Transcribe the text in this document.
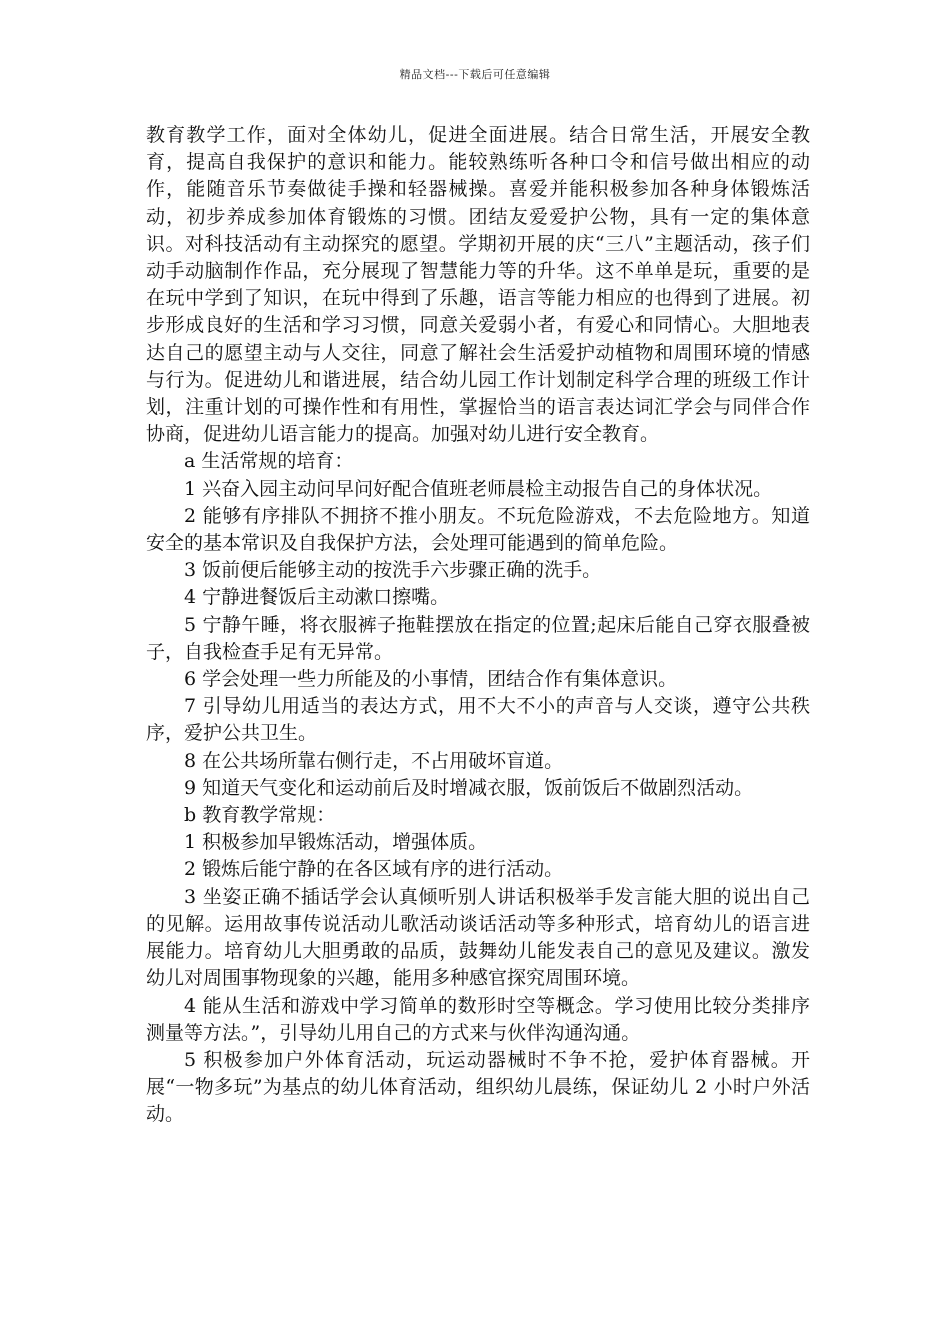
精品文档---下载后可任意编辑

教育教学工作，面对全体幼儿，促进全面进展。结合日常生活，开展安全教育，提高自我保护的意识和能力。能较熟练听各种口令和信号做出相应的动作，能随音乐节奏做徒手操和轻器械操。喜爱并能积极参加各种身体锻炼活动，初步养成参加体育锻炼的习惯。团结友爱爱护公物，具有一定的集体意识。对科技活动有主动探究的愿望。学期初开展的庆“三八”主题活动，孩子们动手动脑制作作品，充分展现了智慧能力等的升华。这不单单是玩，重要的是在玩中学到了知识，在玩中得到了乐趣，语言等能力相应的也得到了进展。初步形成良好的生活和学习习惯，同意关爱弱小者，有爱心和同情心。大胆地表达自己的愿望主动与人交往，同意了解社会生活爱护动植物和周围环境的情感与行为。促进幼儿和谐进展，结合幼儿园工作计划制定科学合理的班级工作计划，注重计划的可操作性和有用性，掌握恰当的语言表达词汇学会与同伴合作协商，促进幼儿语言能力的提高。加强对幼儿进行安全教育。

a 生活常规的培育：

1 兴奋入园主动问早问好配合值班老师晨检主动报告自己的身体状况。

2 能够有序排队不拥挤不推小朋友。不玩危险游戏，不去危险地方。知道安全的基本常识及自我保护方法，会处理可能遇到的简单危险。

3 饭前便后能够主动的按洗手六步骤正确的洗手。

4 宁静进餐饭后主动漱口擦嘴。

5 宁静午睡，将衣服裤子拖鞋摆放在指定的位置;起床后能自己穿衣服叠被子，自我检查手足有无异常。

6 学会处理一些力所能及的小事情，团结合作有集体意识。

7 引导幼儿用适当的表达方式，用不大不小的声音与人交谈，遵守公共秩序，爱护公共卫生。

8 在公共场所靠右侧行走，不占用破坏盲道。

9 知道天气变化和运动前后及时增减衣服，饭前饭后不做剧烈活动。

b 教育教学常规：

1 积极参加早锻炼活动，增强体质。

2 锻炼后能宁静的在各区域有序的进行活动。

3 坐姿正确不插话学会认真倾听别人讲话积极举手发言能大胆的说出自己的见解。运用故事传说活动儿歌活动谈话活动等多种形式，培育幼儿的语言进展能力。培育幼儿大胆勇敢的品质，鼓舞幼儿能发表自己的意见及建议。激发幼儿对周围事物现象的兴趣，能用多种感官探究周围环境。

4 能从生活和游戏中学习简单的数形时空等概念。学习使用比较分类排序测量等方法。”，引导幼儿用自己的方式来与伙伴沟通沟通。

5 积极参加户外体育活动，玩运动器械时不争不抢，爱护体育器械。开展“一物多玩”为基点的幼儿体育活动，组织幼儿晨练，保证幼儿 2 小时户外活动。
